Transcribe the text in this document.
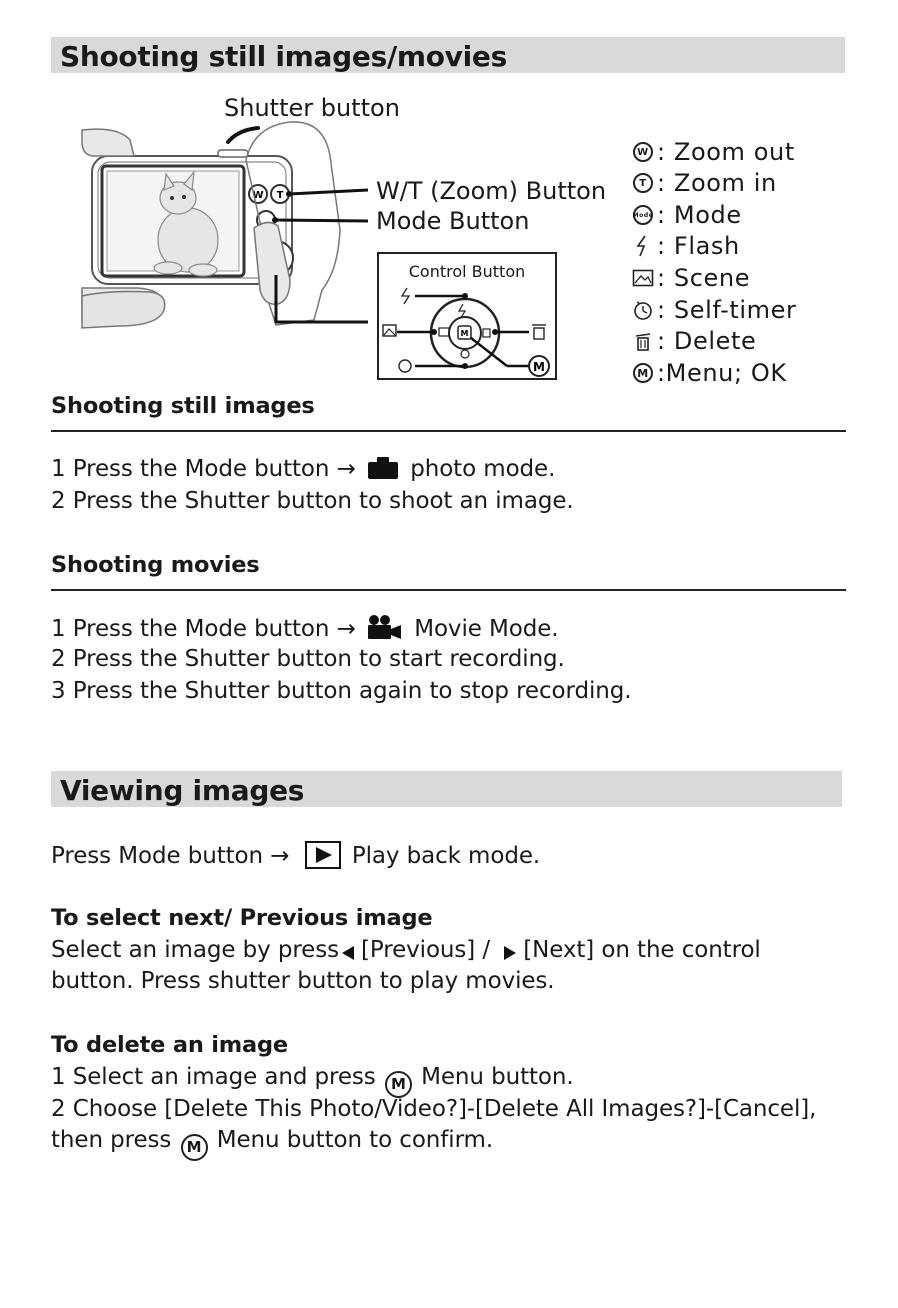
Shooting still images/movies
W T
Shutter button
W/T (Zoom) Button
Mode Button
Control Button
M
M
W : Zoom out
T : Zoom in
Mode : Mode
: Flash
: Scene
: Self-timer
: Delete
M :Menu; OK
Shooting still images
1 Press the Mode button → photo mode.
2 Press the Shutter button to shoot an image.
Shooting movies
1 Press the Mode button →	Movie Mode.
2 Press the Shutter button to start recording.
3 Press the Shutter button again to stop recording.
Viewing images
Press Mode button →	Play back mode.
To select next/ Previous image
Select an image by press [Previous] / [Next] on the control
button. Press shutter button to play movies.
To delete an image
1 Select an image and press M Menu button.
2 Choose [Delete This Photo/Video?]-[Delete All Images?]-[Cancel],
then press M Menu button to confirm.
